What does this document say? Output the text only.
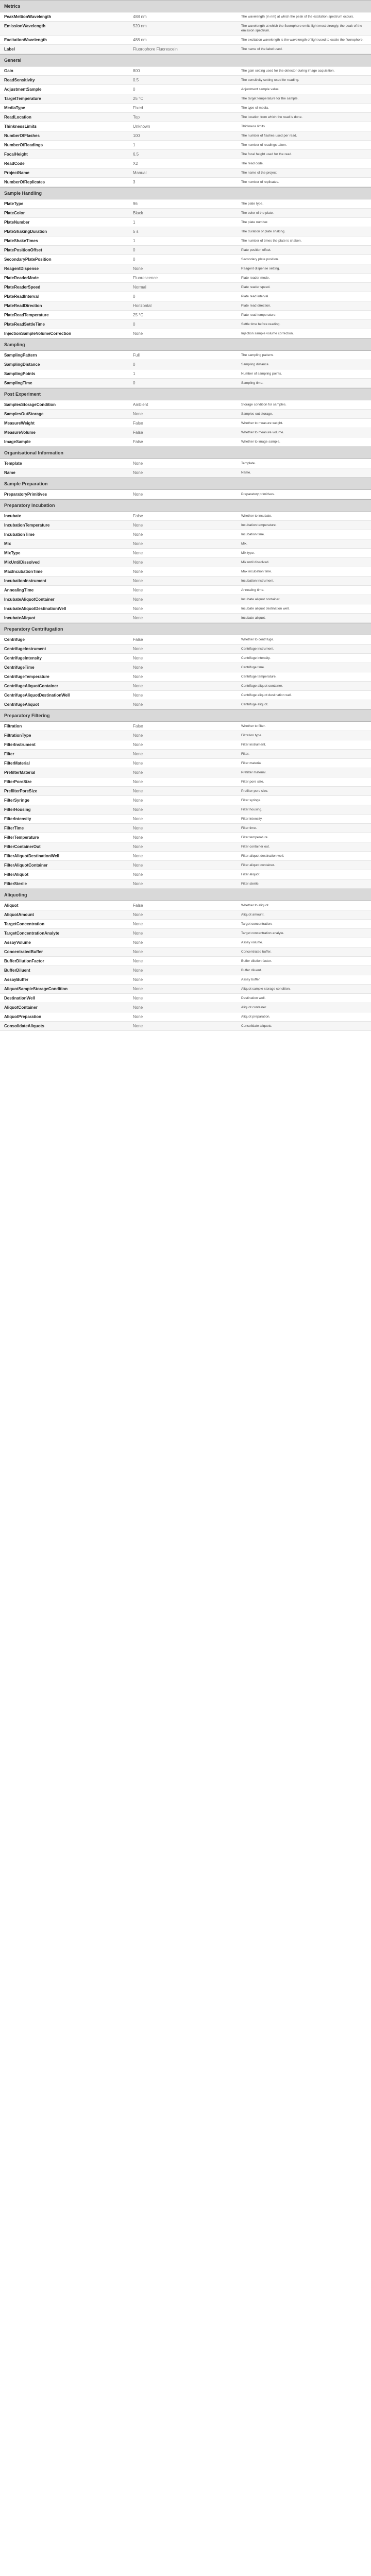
Metrics
PeakMeltionWavelength	488 nm	The wavelength (in nm) at which the peak of the excitation spectrum occurs.
EmissionWavelength	520 nm	The wavelength at which the fluorophore emits light most strongly, the peak of the emission spectrum.
ExcitationWavelength	488 nm	The excitation wavelength is the wavelength of light used to excite the fluorophore.
Label	Fluorophore Fluorescein	The name of the label used.
General
Gain	800	The gain setting used for the detector during image acquisition.
ReadSensitivity	0.5	The sensitivity setting used for reading.
AdjustmentSample	0	Adjustment sample value.
TargetTemperature	25 °C	The target temperature for the sample.
MediaType	Fixed	The type of media.
ReadLocation	Top	The location from which the read is done.
ThinknessLimits	Unknown	Thickness limits.
NumberOfFlashes	100	The number of flashes used per read.
NumberOfReadings	1	The number of readings taken.
FocalHeight	6.5	The focal height used for the read.
ReadCode	X2	The read code.
ProjectName	Manual	The name of the project.
NumberOfReplicates	3	The number of replicates.
Sample Handling
PlateType	96	The plate type.
PlateColor	Black	The color of the plate.
PlateNumber	1	The plate number.
PlateShakingDuration	5 s	The duration of plate shaking.
PlateShakeTimes	1	The number of times the plate is shaken.
PlatePositionOffset	0	Plate position offset.
SecondaryPlatePosition	0	Secondary plate position.
ReagentDispense	None	Reagent dispense setting.
PlateReaderMode	Fluorescence	Plate reader mode.
PlateReaderSpeed	Normal	Plate reader speed.
PlateReadInterval	0	Plate read interval.
PlateReadDirection	Horizontal	Plate read direction.
PlateReadTemperature	25 °C	Plate read temperature.
PlateReadSettleTime	0	Settle time before reading.
InjectionSampleVolumeCorrection	None	Injection sample volume correction.
Sampling
SamplingPattern	Full	The sampling pattern.
SamplingDistance	0	Sampling distance.
SamplingPoints	1	Number of sampling points.
SamplingTime	0	Sampling time.
Post Experiment
SamplesStorageCondition	Ambient	Storage condition for samples.
SamplesOutStorage	None	Samples out storage.
MeasureWeight	False	Whether to measure weight.
MeasureVolume	False	Whether to measure volume.
ImageSample	False	Whether to image sample.
Organisational Information
Template	None	Template.
Name	None	Name.
Sample Preparation
PreparatoryPrimitives	None	Preparatory primitives.
Preparatory Incubation
Incubate	False	Whether to incubate.
IncubationTemperature	None	Incubation temperature.
IncubationTime	None	Incubation time.
Mix	None	Mix.
MixType	None	Mix type.
MixUntilDissolved	None	Mix until dissolved.
MaxIncubationTime	None	Max incubation time.
IncubationInstrument	None	Incubation instrument.
AnnealingTime	None	Annealing time.
IncubateAliquotContainer	None	Incubate aliquot container.
IncubateAliquotDestinationWell	None	Incubate aliquot destination well.
IncubateAliquot	None	Incubate aliquot.
Preparatory Centrifugation
Centrifuge	False	Whether to centrifuge.
CentrifugeInstrument	None	Centrifuge instrument.
CentrifugeIntensity	None	Centrifuge intensity.
CentrifugeTime	None	Centrifuge time.
CentrifugeTemperature	None	Centrifuge temperature.
CentrifugeAliquotContainer	None	Centrifuge aliquot container.
CentrifugeAliquotDestinationWell	None	Centrifuge aliquot destination well.
CentrifugeAliquot	None	Centrifuge aliquot.
Preparatory Filtering
Filtration	False	Whether to filter.
FiltrationType	None	Filtration type.
FilterInstrument	None	Filter instrument.
Filter	None	Filter.
FilterMaterial	None	Filter material.
PrefilterMaterial	None	Prefilter material.
FilterPoreSize	None	Filter pore size.
PrefilterPoreSize	None	Prefilter pore size.
FilterSyringe	None	Filter syringe.
FilterHousing	None	Filter housing.
FilterIntensity	None	Filter intensity.
FilterTime	None	Filter time.
FilterTemperature	None	Filter temperature.
FilterContainerOut	None	Filter container out.
FilterAliquotDestinationWell	None	Filter aliquot destination well.
FilterAliquotContainer	None	Filter aliquot container.
FilterAliquot	None	Filter aliquot.
FilterSterile	None	Filter sterile.
Aliquoting
Aliquot	False	Whether to aliquot.
AliquotAmount	None	Aliquot amount.
TargetConcentration	None	Target concentration.
TargetConcentrationAnalyte	None	Target concentration analyte.
AssayVolume	None	Assay volume.
ConcentratedBuffer	None	Concentrated buffer.
BufferDilutionFactor	None	Buffer dilution factor.
BufferDiluent	None	Buffer diluent.
AssayBuffer	None	Assay buffer.
AliquotSampleStorageCondition	None	Aliquot sample storage condition.
DestinationWell	None	Destination well.
AliquotContainer	None	Aliquot container.
AliquotPreparation	None	Aliquot preparation.
ConsolidateAliquots	None	Consolidate aliquots.
